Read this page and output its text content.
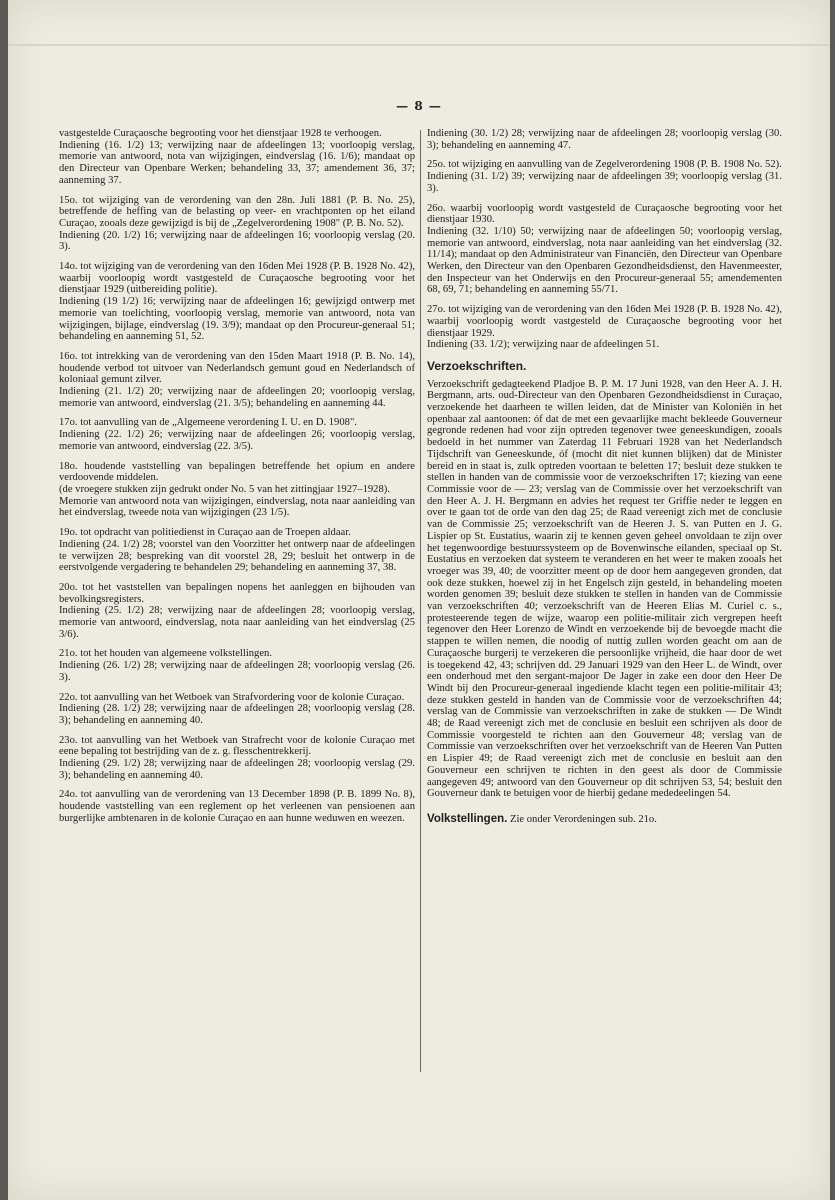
— 8 —

vastgestelde Curaçaosche begrooting voor het dienstjaar 1928 te verhoogen.

Indiening (16. 1/2) 13; verwijzing naar de afdeelingen 13; voorloopig verslag, memorie van antwoord, nota van wijzigingen, eindverslag (16. 1/6); mandaat op den Directeur van Openbare Werken; behandeling 33, 37; amendement 36, 37; aanneming 37.

15o. tot wijziging van de verordening van den 28n. Juli 1881 (P. B. No. 25), betreffende de heffing van de belasting op veer- en vrachtponten op het eiland Curaçao, zooals deze gewijzigd is bij de „Zegelverordening 1908" (P. B. No. 52).

Indiening (20. 1/2) 16; verwijzing naar de afdeelingen 16; voorloopig verslag (20. 3).

14o. tot wijziging van de verordening van den 16den Mei 1928 (P. B. 1928 No. 42), waarbij voorloopig wordt vastgesteld de Curaçaosche begrooting voor het dienstjaar 1929 (uitbereiding politie).

Indiening (19 1/2) 16; verwijzing naar de afdeelingen 16; gewijzigd ontwerp met memorie van toelichting, voorloopig verslag, memorie van antwoord, nota van wijzigingen, bijlage, eindverslag (19. 3/9); mandaat op den Procureur-generaal 51; behandeling en aanneming 51, 52.

16o. tot intrekking van de verordening van den 15den Maart 1918 (P. B. No. 14), houdende verbod tot uitvoer van Nederlandsch gemunt goud en Nederlandsch of koloniaal gemunt zilver.

Indiening (21. 1/2) 20; verwijzing naar de afdeelingen 20; voorloopig verslag, memorie van antwoord, eindverslag (21. 3/5); behandeling en aanneming 44.

17o. tot aanvulling van de „Algemeene verordening I. U. en D. 1908".

Indiening (22. 1/2) 26; verwijzing naar de afdeelingen 26; voorloopig verslag, memorie van antwoord, eindverslag (22. 3/5).

18o. houdende vaststelling van bepalingen betreffende het opium en andere verdoovende middelen.

(de vroegere stukken zijn gedrukt onder No. 5 van het zittingjaar 1927–1928).

Memorie van antwoord nota van wijzigingen, eindverslag, nota naar aanleiding van het eindverslag, tweede nota van wijzigingen (23 1/5).

19o. tot opdracht van politiedienst in Curaçao aan de Troepen aldaar.

Indiening (24. 1/2) 28; voorstel van den Voorzitter het ontwerp naar de afdeelingen te verwijzen 28; bespreking van dit voorstel 28, 29; besluit het ontwerp in de eerstvolgende vergadering te behandelen 29; behandeling en aanneming 37, 38.

20o. tot het vaststellen van bepalingen nopens het aanleggen en bijhouden van bevolkingsregisters.

Indiening (25. 1/2) 28; verwijzing naar de afdeelingen 28; voorloopig verslag, memorie van antwoord, eindverslag, nota naar aanleiding van het eindverslag (25 3/6).

21o. tot het houden van algemeene volkstellingen.

Indiening (26. 1/2) 28; verwijzing naar de afdeelingen 28; voorloopig verslag (26. 3).

22o. tot aanvulling van het Wetboek van Strafvordering voor de kolonie Curaçao.

Indiening (28. 1/2) 28; verwijzing naar de afdeelingen 28; voorloopig verslag (28. 3); behandeling en aanneming 40.

23o. tot aanvulling van het Wetboek van Strafrecht voor de kolonie Curaçao met eene bepaling tot bestrijding van de z. g. flesschentrekkerij.

Indiening (29. 1/2) 28; verwijzing naar de afdeelingen 28; voorloopig verslag (29. 3); behandeling en aanneming 40.

24o. tot aanvulling van de verordening van 13 December 1898 (P. B. 1899 No. 8), houdende vaststelling van een reglement op het verleenen van pensioenen aan burgerlijke ambtenaren in de kolonie Curaçao en aan hunne weduwen en weezen.

Indiening (30. 1/2) 28; verwijzing naar de afdeelingen 28; voorloopig verslag (30. 3); behandeling en aanneming 47.

25o. tot wijziging en aanvulling van de Zegelverordening 1908 (P. B. 1908 No. 52).

Indiening (31. 1/2) 39; verwijzing naar de afdeelingen 39; voorloopig verslag (31. 3).

26o. waarbij voorloopig wordt vastgesteld de Curaçaosche begrooting voor het dienstjaar 1930.

Indiening (32. 1/10) 50; verwijzing naar de afdeelingen 50; voorloopig verslag, memorie van antwoord, eindverslag, nota naar aanleiding van het eindverslag (32. 11/14); mandaat op den Administrateur van Financiën, den Directeur van Openbare Werken, den Directeur van den Openbaren Gezondheidsdienst, den Havenmeester, den Inspecteur van het Onderwijs en den Procureur-generaal 55; amendementen 68, 69, 71; behandeling en aanneming 55/71.

27o. tot wijziging van de verordening van den 16den Mei 1928 (P. B. 1928 No. 42), waarbij voorloopig wordt vastgesteld de Curaçaosche begrooting voor het dienstjaar 1929.

Indiening (33. 1/2); verwijzing naar de afdeelingen 51.

Verzoekschriften.

Verzoekschrift gedagteekend Pladjoe B. P. M. 17 Juni 1928, van den Heer A. J. H. Bergmann, arts. oud-Directeur van den Openbaren Gezondheidsdienst in Curaçao, verzoekende het daarheen te willen leiden, dat de Minister van Koloniën in het openbaar zal aantoonen: óf dat de met een gevaarlijke macht bekleede Gouverneur gegronde redenen had voor zijn optreden tegenover twee geneeskundigen, zooals bedoeld in het nummer van Zaterdag 11 Februari 1928 van het Nederlandsch Tijdschrift van Geneeskunde, óf (mocht dit niet kunnen blijken) dat de Minister bereid en in staat is, zulk optreden voortaan te beletten 17; besluit deze stukken te stellen in handen van de commissie voor de verzoekschriften 17; kiezing van eene Commissie voor de — 23; verslag van de Commissie over het verzoekschrift van den Heer A. J. H. Bergmann en advies het request ter Griffie neder te leggen en over te gaan tot de orde van den dag 25; de Raad vereenigt zich met de conclusie van de Commissie 25; verzoekschrift van de Heeren J. S. van Putten en J. G. Lispier op St. Eustatius, waarin zij te kennen geven geheel onvoldaan te zijn over het tegenwoordige bestuurssysteem op de Bovenwinsche eilanden, speciaal op St. Eustatius en verzoeken dat systeem te veranderen en het weer te maken zooals het vroeger was 39, 40; de voorzitter meent op de door hem aangegeven gronden, dat ook deze stukken, hoewel zij in het Engelsch zijn gesteld, in behandeling moeten worden genomen 39; besluit deze stukken te stellen in handen van de Commissie van verzoekschriften 40; verzoekschrift van de Heeren Elias M. Curiel c. s., protesteerende tegen de wijze, waarop een politie-militair zich vergrepen heeft tegenover den Heer Lorenzo de Windt en verzoekende bij de bevoegde macht die stappen te willen nemen, die noodig of nuttig zullen worden geacht om aan de Curaçaosche burgerij te verzekeren die persoonlijke vrijheid, die haar door de wet is toegekend 42, 43; schrijven dd. 29 Januari 1929 van den Heer L. de Windt, over een onderhoud met den sergant-majoor De Jager in zake een door den Heer De Windt bij den Procureur-generaal ingediende klacht tegen een politie-militair 43; deze stukken gesteld in handen van de Commissie voor de verzoekschriften 44; verslag van de Commissie van verzoekschriften in zake de stukken — De Windt 48; de Raad vereenigt zich met de conclusie en besluit een schrijven als door de Commissie voorgesteld te richten aan den Gouverneur 48; verslag van de Commissie van verzoekschriften over het verzoekschrift van de Heeren Van Putten en Lispier 49; de Raad vereenigt zich met de conclusie en besluit aan den Gouverneur een schrijven te richten in den geest als door de Commissie aangegeven 49; antwoord van den Gouverneur op dit schrijven 53, 54; besluit den Gouverneur dank te betuigen voor de hierbij gedane mededeelingen 54.

Volkstellingen. Zie onder Verordeningen sub. 21o.
